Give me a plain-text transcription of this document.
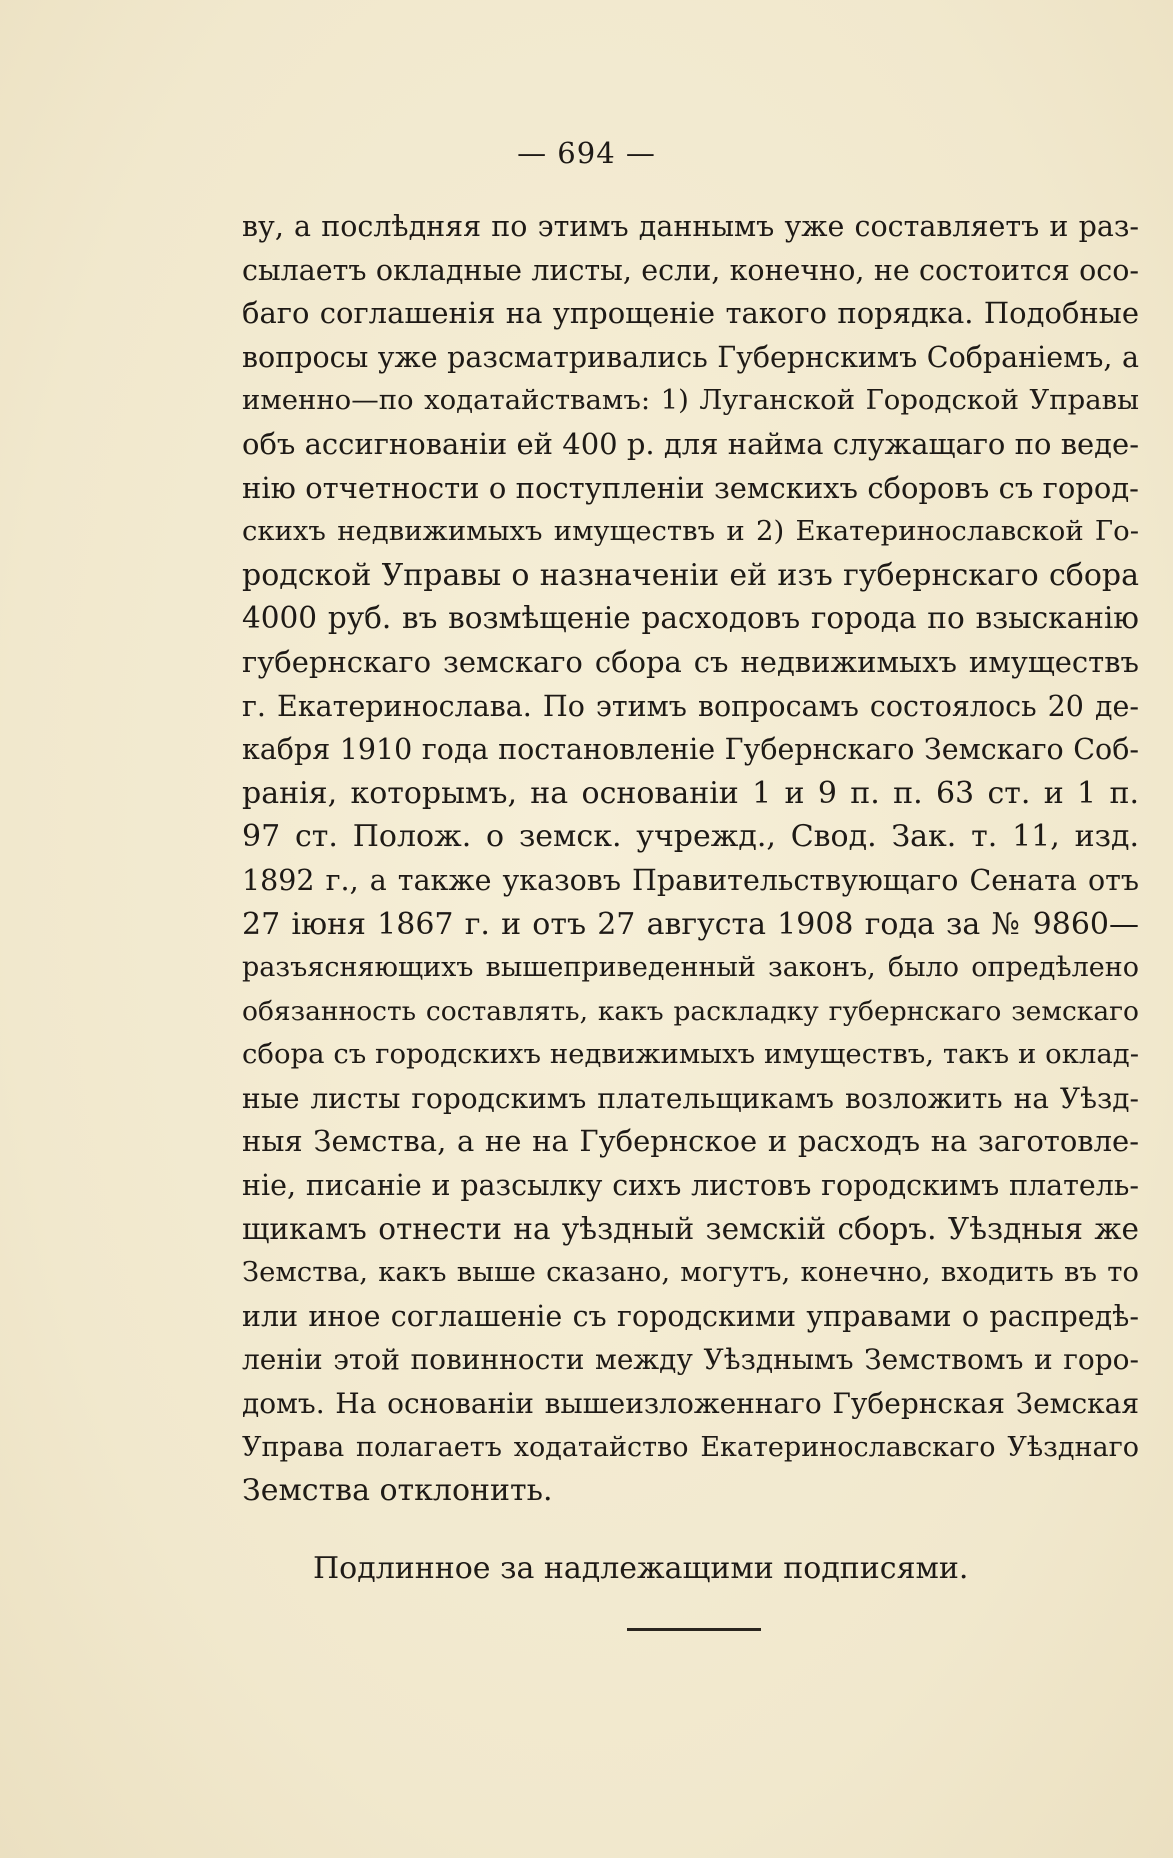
— 694 —
ву, а послѣдняя по этимъ даннымъ уже составляетъ и раз-
сылаетъ окладные листы, если, конечно, не состоится осо-
баго соглашенія на упрощеніе такого порядка. Подобные
вопросы уже разсматривались Губернскимъ Собраніемъ, а
именно—по ходатайствамъ: 1) Луганской Городской Управы
объ ассигнованіи ей 400 р. для найма служащаго по веде-
нію отчетности о поступленіи земскихъ сборовъ съ город-
скихъ недвижимыхъ имуществъ и 2) Екатеринославской Го-
родской Управы о назначеніи ей изъ губернскаго сбора
4000 руб. въ возмѣщеніе расходовъ города по взысканію
губернскаго земскаго сбора съ недвижимыхъ имуществъ
г. Екатеринослава. По этимъ вопросамъ состоялось 20 де-
кабря 1910 года постановленіе Губернскаго Земскаго Соб-
ранія, которымъ, на основаніи 1 и 9 п. п. 63 ст. и 1 п.
97 ст. Полож. о земск. учрежд., Свод. Зак. т. 11, изд.
1892 г., а также указовъ Правительствующаго Сената отъ
27 іюня 1867 г. и отъ 27 августа 1908 года за № 9860—
разъясняющихъ вышеприведенный законъ, было опредѣлено
обязанность составлять, какъ раскладку губернскаго земскаго
сбора съ городскихъ недвижимыхъ имуществъ, такъ и оклад-
ные листы городскимъ плательщикамъ возложить на Уѣзд-
ныя Земства, а не на Губернское и расходъ на заготовле-
ніе, писаніе и разсылку сихъ листовъ городскимъ платель-
щикамъ отнести на уѣздный земскій сборъ. Уѣздныя же
Земства, какъ выше сказано, могутъ, конечно, входить въ то
или иное соглашеніе съ городскими управами о распредѣ-
леніи этой повинности между Уѣзднымъ Земствомъ и горо-
домъ. На основаніи вышеизложеннаго Губернская Земская
Управа полагаетъ ходатайство Екатеринославскаго Уѣзднаго
Земства отклонить.
Подлинное за надлежащими подписями.
